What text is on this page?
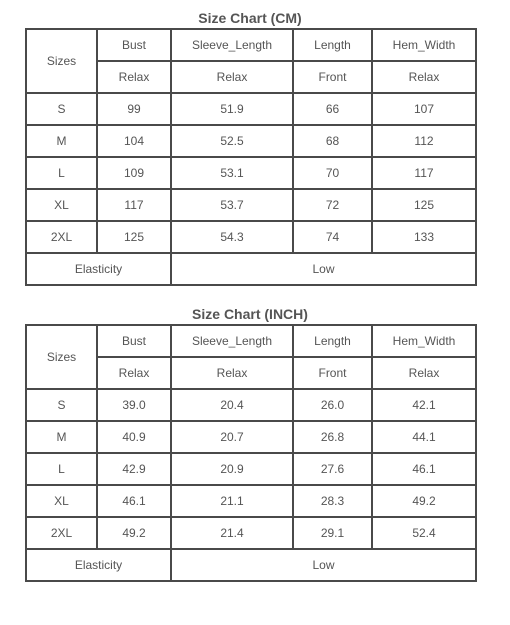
Size Chart (CM)
Sizes	Bust	Sleeve_Length	Length	Hem_Width
	Relax	Relax	Front	Relax
S	99	51.9	66	107
M	104	52.5	68	112
L	109	53.1	70	117
XL	117	53.7	72	125
2XL	125	54.3	74	133
Elasticity		Low		
Size Chart (INCH)
Sizes	Bust	Sleeve_Length	Length	Hem_Width
	Relax	Relax	Front	Relax
S	39.0	20.4	26.0	42.1
M	40.9	20.7	26.8	44.1
L	42.9	20.9	27.6	46.1
XL	46.1	21.1	28.3	49.2
2XL	49.2	21.4	29.1	52.4
Elasticity		Low		
